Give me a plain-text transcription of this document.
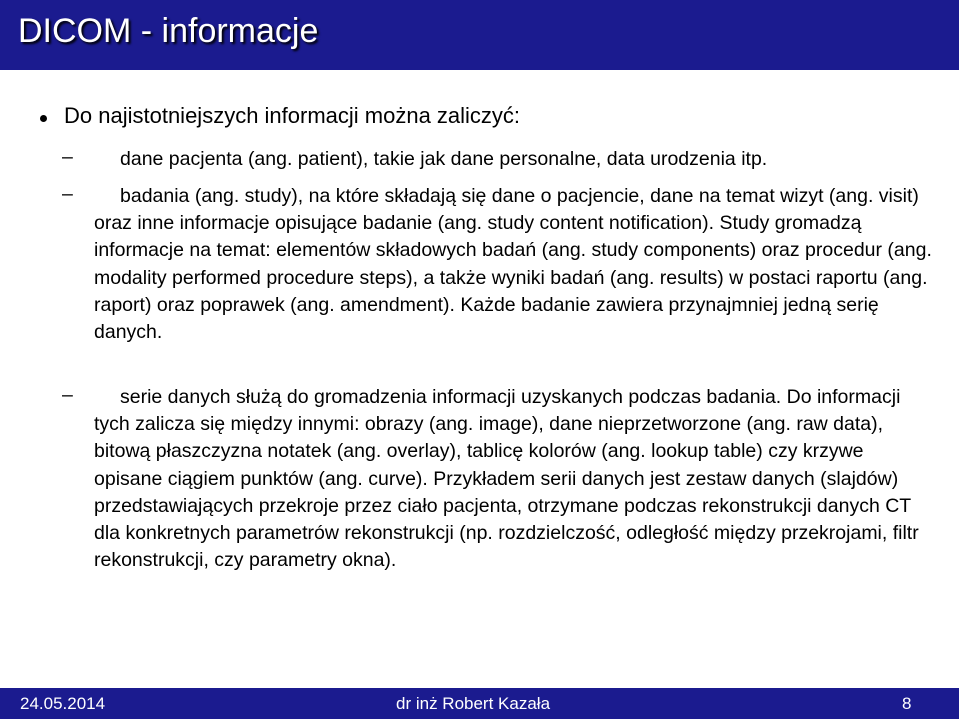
DICOM - informacje
Do najistotniejszych informacji można zaliczyć:
–	dane pacjenta (ang. patient), takie jak dane personalne, data urodzenia itp.
–	badania (ang. study), na które składają się dane o pacjencie, dane na temat wizyt (ang. visit) oraz inne informacje opisujące badanie (ang. study content notification). Study gromadzą informacje na temat: elementów składowych badań (ang. study components) oraz procedur (ang. modality performed procedure steps), a także wyniki badań (ang. results) w postaci raportu (ang. raport) oraz poprawek (ang. amendment). Każde badanie zawiera przynajmniej jedną serię danych.
–	serie danych służą do gromadzenia informacji uzyskanych podczas badania. Do informacji tych zalicza się między innymi: obrazy (ang. image), dane nieprzetworzone (ang. raw data), bitową płaszczyzna notatek (ang. overlay), tablicę kolorów (ang. lookup table) czy krzywe opisane ciągiem punktów (ang. curve). Przykładem serii danych jest zestaw danych (slajdów) przedstawiających przekroje przez ciało pacjenta, otrzymane podczas rekonstrukcji danych CT dla konkretnych parametrów rekonstrukcji (np. rozdzielczość, odległość między przekrojami, filtr rekonstrukcji, czy parametry okna).
24.05.2014	dr inż Robert Kazała	8
